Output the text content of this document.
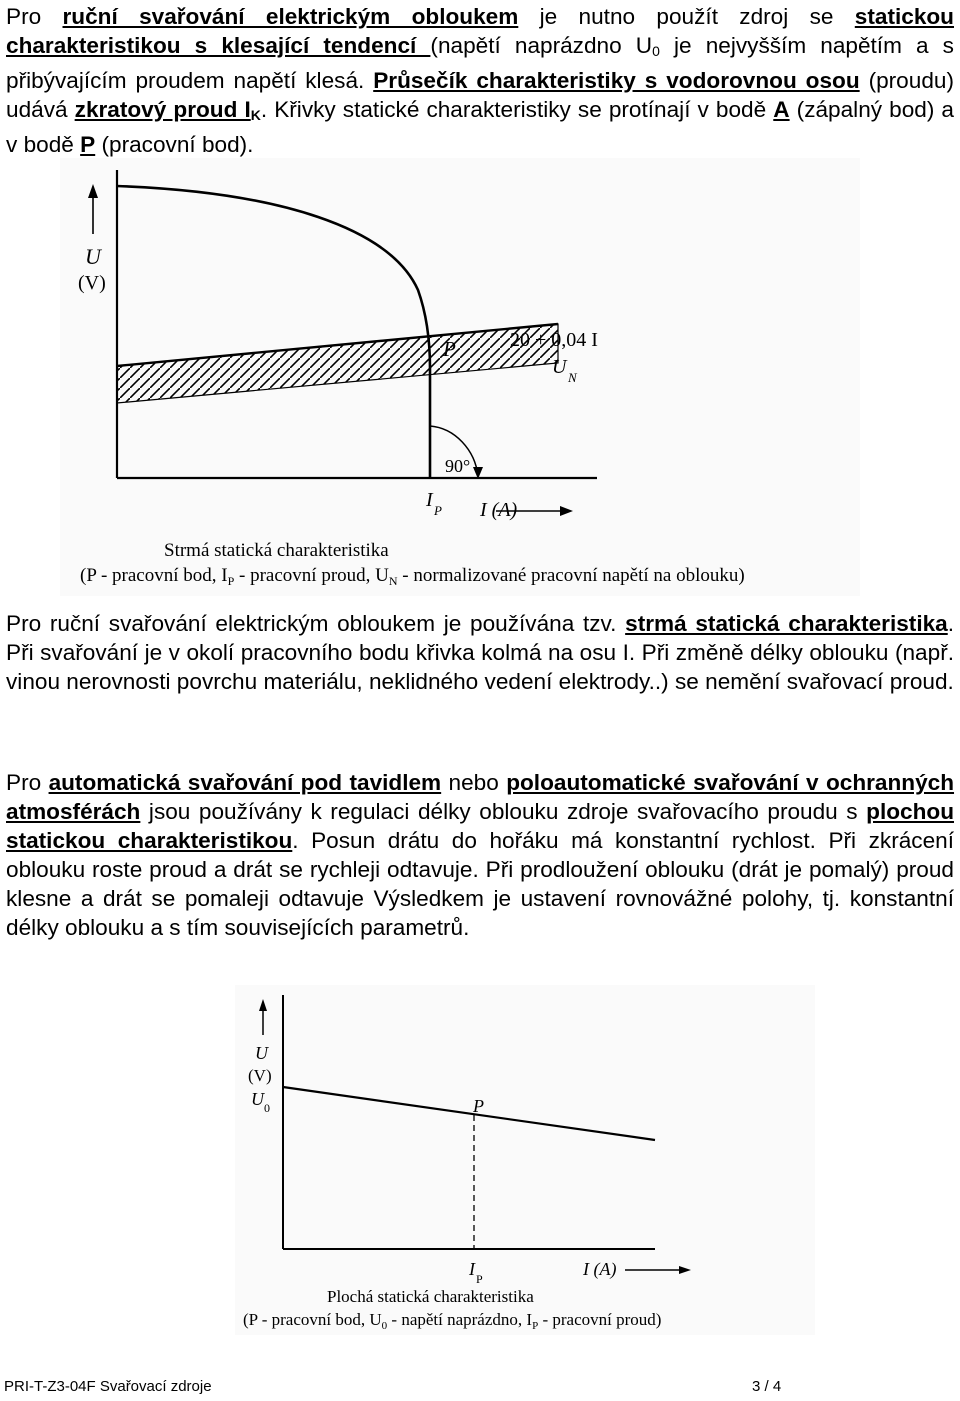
Pro ruční svařování elektrickým obloukem je nutno použít zdroj se statickou charakteristikou s klesající tendencí (napětí naprázdno $U_0$ je nejvyšším napětím a s přibývajícím proudem napětí klesá. Průsečík charakteristiky s vodorovnou osou (proudu) udává zkratový proud $I_K$. Křivky statické charakteristiky se protínají v bodě A (zápalný bod) a v bodě P (pracovní bod).

U
(V)
P	20 + 0,04 I
U N
90°
I P I (A)
Strmá statická charakteristika
(P - pracovní bod, $I_P$ - pracovní proud, $U_N$ - normalizované pracovní napětí na oblouku)

Pro ruční svařování elektrickým obloukem je používána tzv. strmá statická charakteristika. Při svařování je v okolí pracovního bodu křivka kolmá na osu I. Při změně délky oblouku (např. vinou nerovnosti povrchu materiálu, neklidného vedení elektrody..) se nemění svařovací proud.

Pro automatická svařování pod tavidlem nebo poloautomatické svařování v ochranných atmosférách jsou používány k regulaci délky oblouku zdroje svařovacího proudu s plochou statickou charakteristikou. Posun drátu do hořáku má konstantní rychlost. Při zkrácení oblouku roste proud a drát se rychleji odtavuje. Při prodloužení oblouku (drát je pomalý) proud klesne a drát se pomaleji odtavuje Výsledkem je ustavení rovnovážné polohy, tj. konstantní délky oblouku a s tím souvisejících parametrů.

U
(V)
U 0	P
I P	I (A)
Plochá statická charakteristika
(P - pracovní bod, $U_0$ - napětí naprázdno, $I_P$ - pracovní proud)
PRI-T-Z3-04F Svařovací zdroje	3 / 4
